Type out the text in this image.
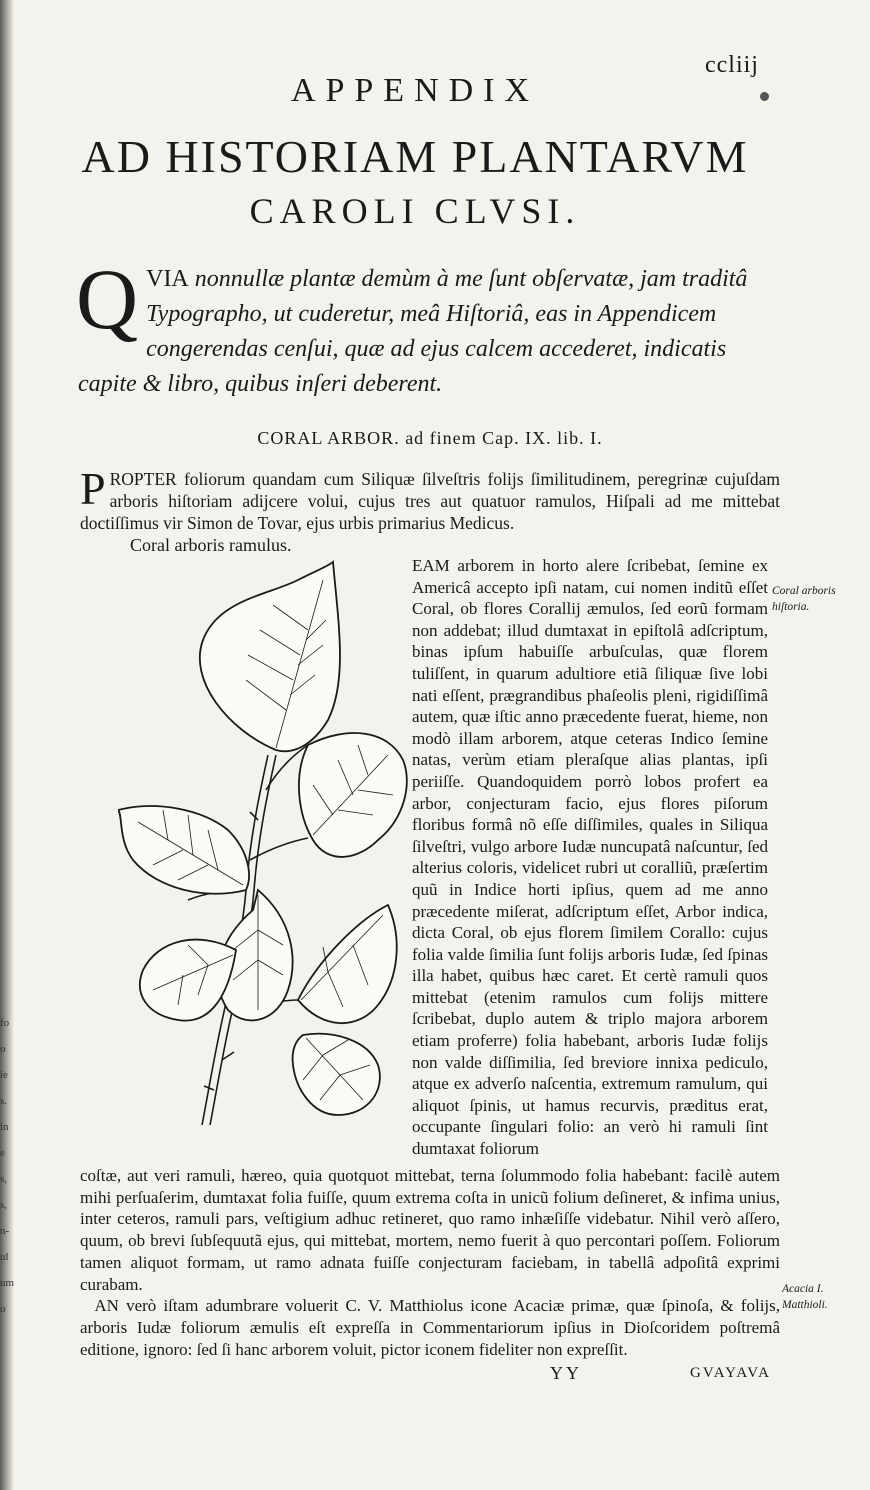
fo
o
ie
s.
in
e
s,
s,
n-
ul
um
o
ccliij
APPENDIX
AD HISTORIAM PLANTARVM
CAROLI CLVSI.
QVIA nonnullæ plantæ demùm à me ſunt obſervatæ, jam traditâ Typographo, ut cuderetur, meâ Hiſtoriâ, eas in Appendicem congerendas cenſui, quæ ad ejus calcem accederet, indicatis capite & libro, quibus inſeri deberent.
CORAL ARBOR. ad finem Cap. IX. lib. I.
PROPTER foliorum quandam cum Siliquæ ſilveſtris folijs ſimilitudinem, peregrinæ cujuſdam arboris hiſtoriam adijcere volui, cujus tres aut quatuor ramulos, Hiſpali ad me mittebat doctiſſimus vir Simon de Tovar, ejus urbis primarius Medicus.
Coral arboris ramulus.
EAM arborem in horto alere ſcribebat, ſemine ex Americâ accepto ipſi natam, cui nomen inditũ eſſet Coral, ob flores Corallij æmulos, ſed eorũ formam non addebat; illud dumtaxat in epiſtolâ adſcriptum, binas ipſum habuiſſe arbuſculas, quæ florem tuliſſent, in quarum adultiore etiã ſiliquæ ſive lobi nati eſſent, prægrandibus phaſeolis pleni, rigidiſſimâ autem, quæ iſtic anno præcedente fuerat, hieme, non modò illam arborem, atque ceteras Indico ſemine natas, verùm etiam pleraſque alias plantas, ipſi periiſſe. Quandoquidem porrò lobos profert ea arbor, conjecturam facio, ejus flores piſorum floribus formâ nõ eſſe diſſimiles, quales in Siliqua ſilveſtri, vulgo arbore Iudæ nuncupatâ naſcuntur, ſed alterius coloris, videlicet rubri ut coralliũ, præſertim quũ in Indice horti ipſius, quem ad me anno præcedente miſerat, adſcriptum eſſet, Arbor indica, dicta Coral, ob ejus florem ſimilem Corallo: cujus folia valde ſimilia ſunt folijs arboris Iudæ, ſed ſpinas illa habet, quibus hæc caret. Et certè ramuli quos mittebat (etenim ramulos cum folijs mittere ſcribebat, duplo autem & triplo majora arborem etiam proferre) folia habebant, arboris Iudæ folijs non valde diſſimilia, ſed breviore innixa pediculo, atque ex adverſo naſcentia, extremum ramulum, qui aliquot ſpinis, ut hamus recurvis, præditus erat, occupante ſingulari folio: an verò hi ramuli ſint dumtaxat foliorum
Coral arboris hiſtoria.
coſtæ, aut veri ramuli, hæreo, quia quotquot mittebat, terna ſolummodo folia habebant: facilè autem mihi perſuaſerim, dumtaxat folia fuiſſe, quum extrema coſta in unicũ folium deſineret, & infima unius, inter ceteros, ramuli pars, veſtigium adhuc retineret, quo ramo inhæſiſſe videbatur. Nihil verò aſſero, quum, ob brevi ſubſequutã ejus, qui mittebat, mortem, nemo fuerit à quo percontari poſſem. Foliorum tamen aliquot formam, ut ramo adnata fuiſſe conjecturam faciebam, in tabellâ adpoſitâ exprimi curabam.
AN verò iſtam adumbrare voluerit C. V. Matthiolus icone Acaciæ primæ, quæ ſpinoſa, & folijs, arboris Iudæ foliorum æmulis eſt expreſſa in Commentariorum ipſius in Dioſcoridem poſtremâ editione, ignoro: ſed ſi hanc arborem voluit, pictor iconem fideliter non expreſſit.
Acacia I. Matthioli.
YY	GVAYAVA
